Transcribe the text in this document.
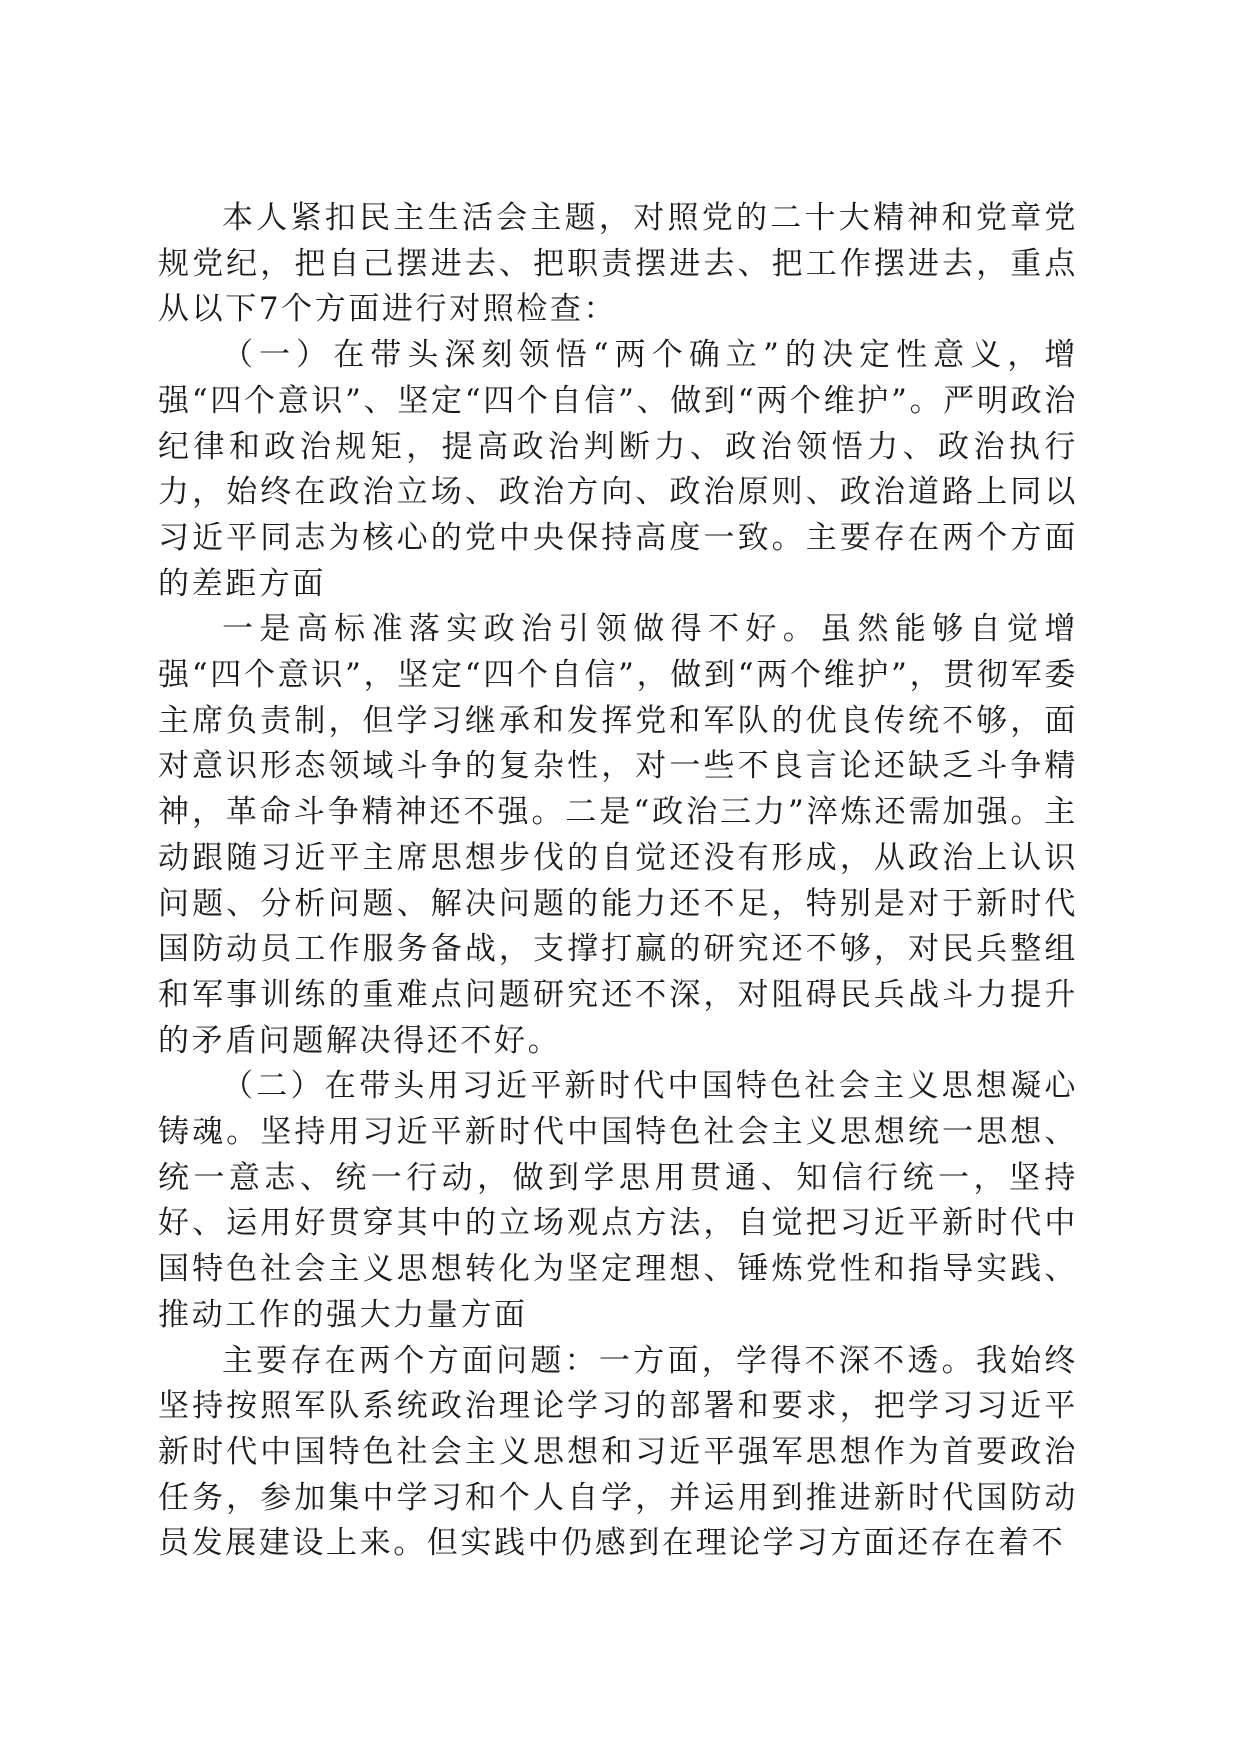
本人紧扣民主生活会主题，对照党的二十大精神和党章党规党纪，把自己摆进去、把职责摆进去、把工作摆进去，重点从以下7个方面进行对照检查：

（一）在带头深刻领悟“两个确立”的决定性意义，增强“四个意识”、坚定“四个自信”、做到“两个维护”。严明政治纪律和政治规矩，提高政治判断力、政治领悟力、政治执行力，始终在政治立场、政治方向、政治原则、政治道路上同以习近平同志为核心的党中央保持高度一致。主要存在两个方面的差距方面

一是高标准落实政治引领做得不好。虽然能够自觉增强“四个意识”，坚定“四个自信”，做到“两个维护”，贯彻军委主席负责制，但学习继承和发挥党和军队的优良传统不够，面对意识形态领域斗争的复杂性，对一些不良言论还缺乏斗争精神，革命斗争精神还不强。二是“政治三力”淬炼还需加强。主动跟随习近平主席思想步伐的自觉还没有形成，从政治上认识问题、分析问题、解决问题的能力还不足，特别是对于新时代国防动员工作服务备战，支撑打赢的研究还不够，对民兵整组和军事训练的重难点问题研究还不深，对阻碍民兵战斗力提升的矛盾问题解决得还不好。

（二）在带头用习近平新时代中国特色社会主义思想凝心铸魂。坚持用习近平新时代中国特色社会主义思想统一思想、统一意志、统一行动，做到学思用贯通、知信行统一，坚持好、运用好贯穿其中的立场观点方法，自觉把习近平新时代中国特色社会主义思想转化为坚定理想、锤炼党性和指导实践、推动工作的强大力量方面

主要存在两个方面问题：一方面，学得不深不透。我始终坚持按照军队系统政治理论学习的部署和要求，把学习习近平新时代中国特色社会主义思想和习近平强军思想作为首要政治任务，参加集中学习和个人自学，并运用到推进新时代国防动员发展建设上来。但实践中仍感到在理论学习方面还存在着不
